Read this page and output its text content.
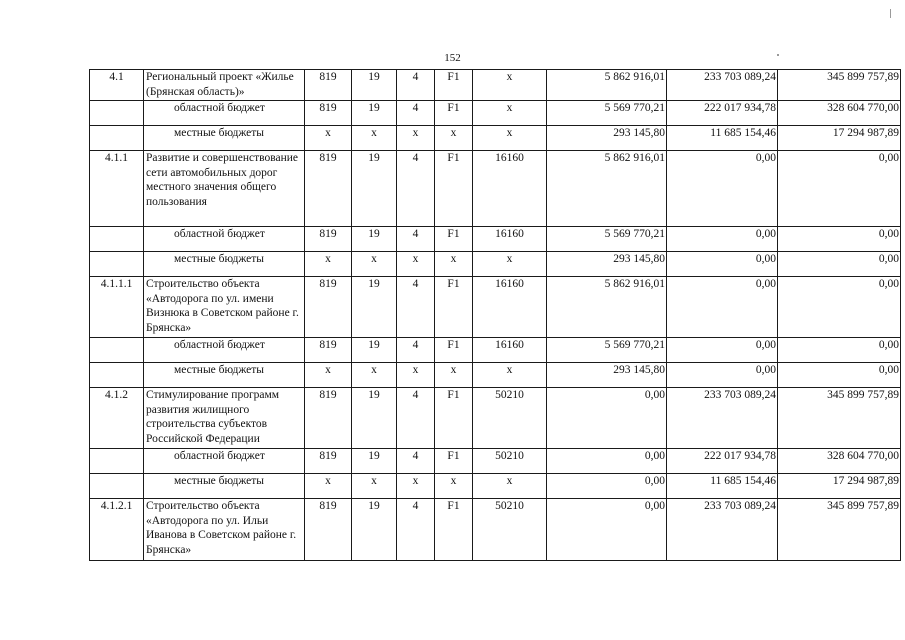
152
4.1	Региональный проект «Жилье (Брянская область)»	819	19	4	F1	x	5 862 916,01	233 703 089,24	345 899 757,89
	областной бюджет	819	19	4	F1	x	5 569 770,21	222 017 934,78	328 604 770,00
	местные бюджеты	x	x	x	x	x	293 145,80	11 685 154,46	17 294 987,89
4.1.1	Развитие и совершенствование сети автомобильных дорог местного значения общего пользования	819	19	4	F1	16160	5 862 916,01	0,00	0,00
	областной бюджет	819	19	4	F1	16160	5 569 770,21	0,00	0,00
	местные бюджеты	x	x	x	x	x	293 145,80	0,00	0,00
4.1.1.1	Строительство объекта «Автодорога по ул. имени Визнюка в Советском районе г. Брянска»	819	19	4	F1	16160	5 862 916,01	0,00	0,00
	областной бюджет	819	19	4	F1	16160	5 569 770,21	0,00	0,00
	местные бюджеты	x	x	x	x	x	293 145,80	0,00	0,00
4.1.2	Стимулирование программ развития жилищного строительства субъектов Российской Федерации	819	19	4	F1	50210	0,00	233 703 089,24	345 899 757,89
	областной бюджет	819	19	4	F1	50210	0,00	222 017 934,78	328 604 770,00
	местные бюджеты	x	x	x	x	x	0,00	11 685 154,46	17 294 987,89
4.1.2.1	Строительство объекта «Автодорога по ул. Ильи Иванова в Советском районе г. Брянска»	819	19	4	F1	50210	0,00	233 703 089,24	345 899 757,89
